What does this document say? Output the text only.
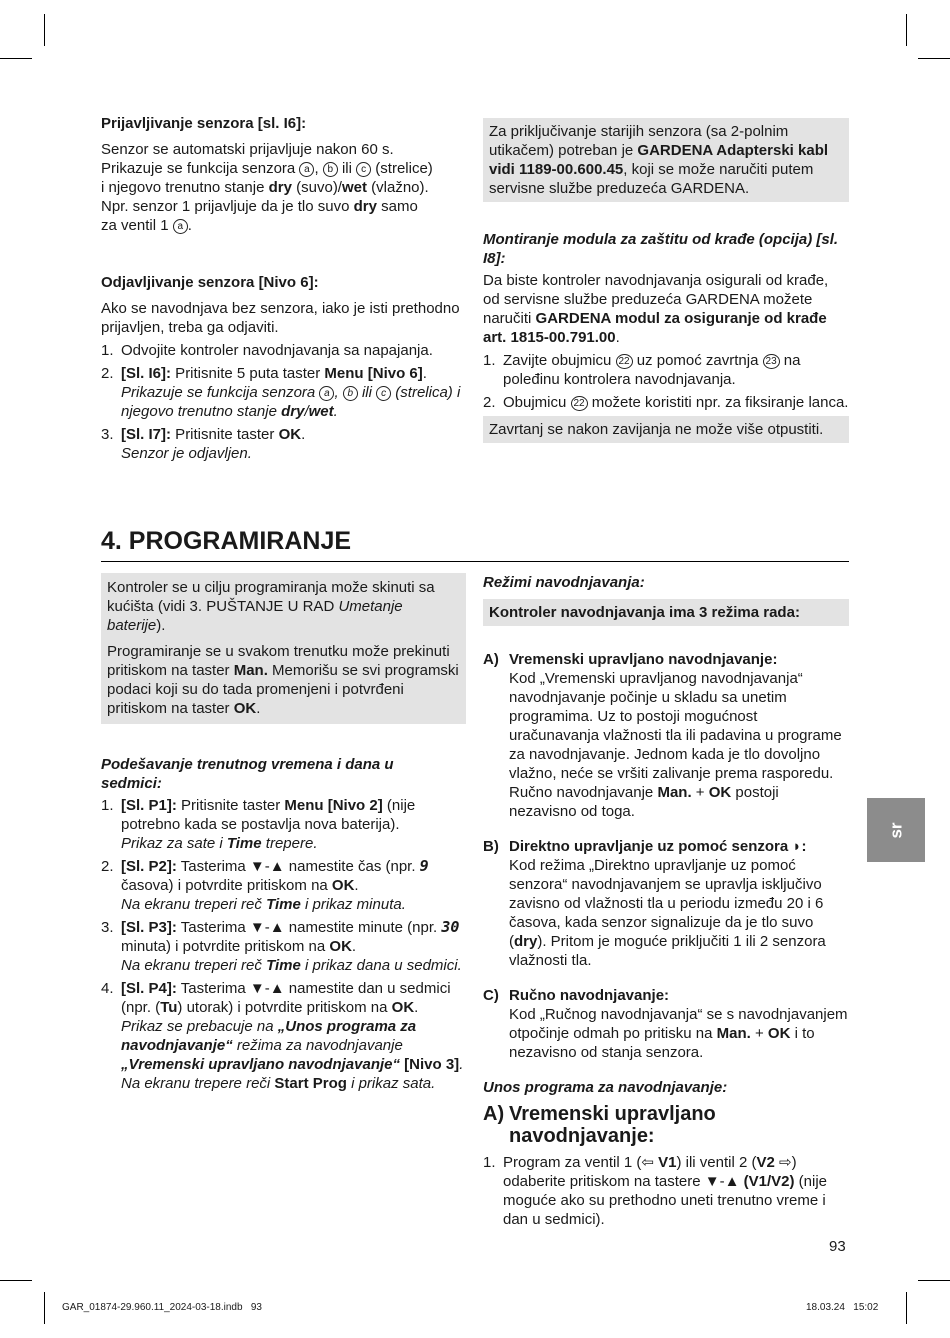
Prijavljivanje senzora [sl. I6]:

Senzor se automatski prijavljuje nakon 60 s.
Prikazuje se funkcija senzora a , b ili c (strelice)
i njegovo trenutno stanje dry (suvo)/wet (vlažno).
Npr. senzor 1 prijavljuje da je tlo suvo dry samo
za ventil 1 a .

Odjavljivanje senzora [Nivo 6]:

Ako se navodnjava bez senzora, iako je isti prethodno prijavljen, treba ga odjaviti.

1. Odvojite kontroler navodnjavanja sa napajanja.
2. [Sl. I6]: Pritisnite 5 puta taster Menu [Nivo 6].
Prikazuje se funkcija senzora a , b ili c (strelica) i njegovo trenutno stanje dry/wet.
3. [Sl. I7]: Pritisnite taster OK.
Senzor je odjavljen.

Za priključivanje starijih senzora (sa 2-polnim utikačem) potreban je GARDENA Adapterski kabl vidi 1189-00.600.45, koji se može naručiti putem servisne službe preduzeća GARDENA.

Montiranje modula za zaštitu od krađe (opcija) [sl. I8]:

Da biste kontroler navodnjavanja osigurali od krađe, od servisne službe preduzeća GARDENA možete naručiti GARDENA modul za osiguranje od krađe art. 1815-00.791.00.

1. Zavijte obujmicu 22 uz pomoć zavrtnja 23 na poleđinu kontrolera navodnjavanja.
2. Obujmicu 22 možete koristiti npr. za fiksiranje lanca.

Zavrtanj se nakon zavijanja ne može više otpustiti.

4. PROGRAMIRANJE

Kontroler se u cilju programiranja može skinuti sa kućišta (vidi 3. PUŠTANJE U RAD Umetanje baterije).

Programiranje se u svakom trenutku može prekinuti pritiskom na taster Man. Memorišu se svi programski podaci koji su do tada promenjeni i potvrđeni pritiskom na taster OK.

Podešavanje trenutnog vremena i dana u sedmici:

1. [Sl. P1]: Pritisnite taster Menu [Nivo 2] (nije potrebno kada se postavlja nova baterija).
Prikaz za sate i Time trepere.
2. [Sl. P2]: Tasterima ▼-▲ namestite čas (npr. 9 časova) i potvrdite pritiskom na OK.
Na ekranu treperi reč Time i prikaz minuta.
3. [Sl. P3]: Tasterima ▼-▲ namestite minute (npr. 30 minuta) i potvrdite pritiskom na OK.
Na ekranu treperi reč Time i prikaz dana u sedmici.
4. [Sl. P4]: Tasterima ▼-▲ namestite dan u sedmici (npr. (Tu) utorak) i potvrdite pritiskom na OK.
Prikaz se prebacuje na „Unos programa za navodnjavanje“ režima za navodnjavanje „Vremenski upravljano navodnjavanje“ [Nivo 3]. Na ekranu trepere reči Start Prog i prikaz sata.

Režimi navodnjavanja:

Kontroler navodnjavanja ima 3 režima rada:

A) Vremenski upravljano navodnjavanje:
Kod „Vremenski upravljanog navodnjavanja“ navodnjavanje počinje u skladu sa unetim programima. Uz to postoji mogućnost uračunavanja vlažnosti tla ili padavina u programe za navodnjavanje. Jednom kada je tlo dovoljno vlažno, neće se vršiti zalivanje prema rasporedu. Ručno navodnjavanje Man. + OK postoji nezavisno od toga.
B) Direktno upravljanje uz pomoć senzora ◗:
Kod režima „Direktno upravljanje uz pomoć senzora“ navodnjavanjem se upravlja isključivo zavisno od vlažnosti tla u periodu između 20 i 6 časova, kada senzor signalizuje da je tlo suvo (dry). Pritom je moguće priključiti 1 ili 2 senzora vlažnosti tla.
C) Ručno navodnjavanje:
Kod „Ručnog navodnjavanja“ se s navodnjavanjem otpočinje odmah po pritisku na Man. + OK i to nezavisno od stanja senzora.

Unos programa za navodnjavanje:

A) Vremenski upravljano navodnjavanje:
1. Program za ventil 1 (⇦ V1) ili ventil 2 (V2 ⇨) odaberite pritiskom na tastere ▼-▲ (V1/V2) (nije moguće ako su prethodno uneti trenutno vreme i dan u sedmici).
sr
93
GAR_01874-29.960.11_2024-03-18.indb   93	18.03.24   15:02
